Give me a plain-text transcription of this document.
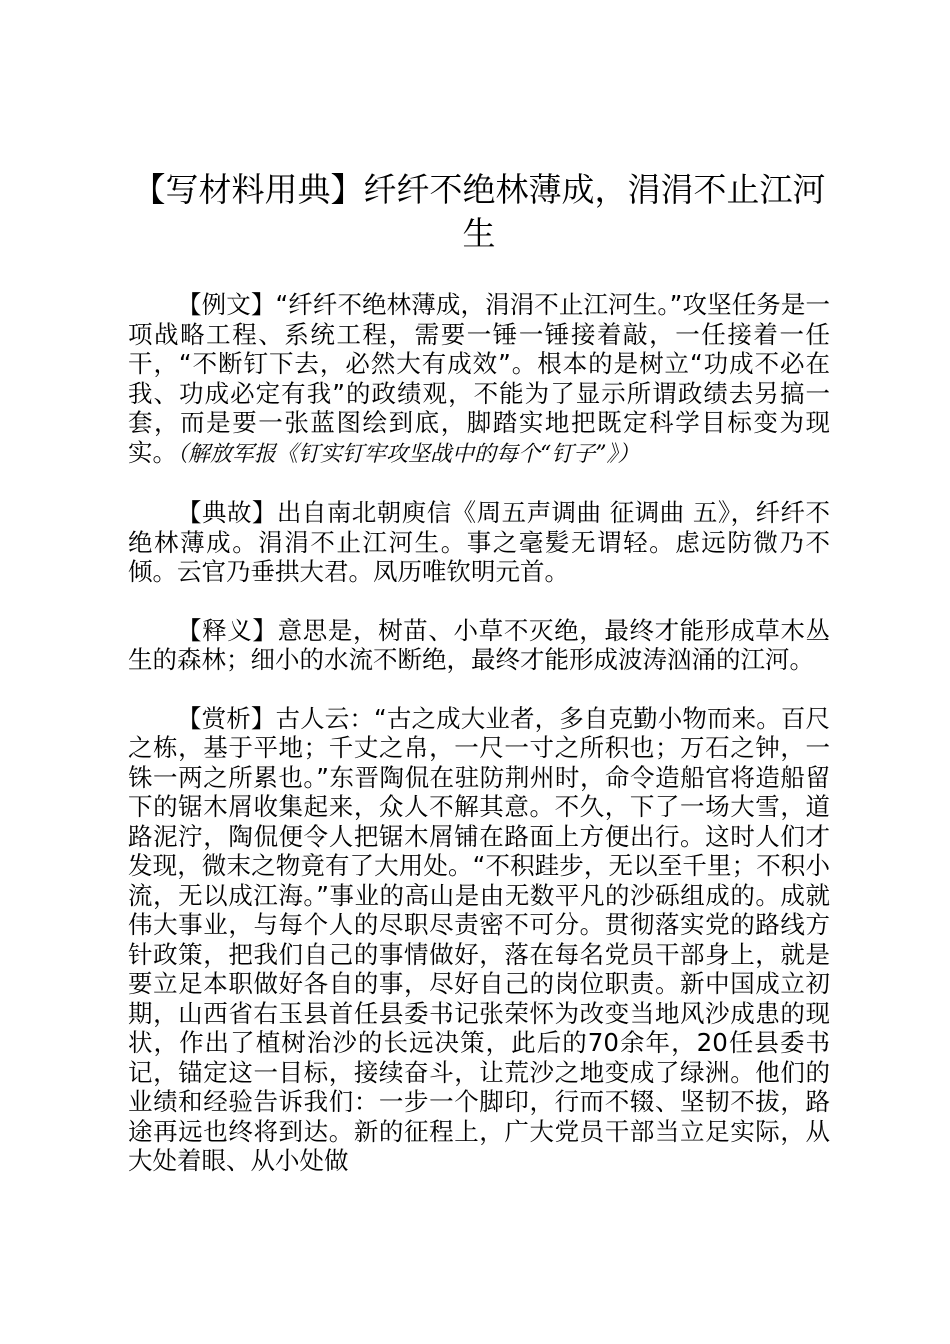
【写材料用典】纤纤不绝林薄成，涓涓不止江河生

【例文】“纤纤不绝林薄成，涓涓不止江河生。”攻坚任务是一项战略工程、系统工程，需要一锤一锤接着敲，一任接着一任干，“不断钉下去，必然大有成效”。根本的是树立“功成不必在我、功成必定有我”的政绩观，不能为了显示所谓政绩去另搞一套，而是要一张蓝图绘到底，脚踏实地把既定科学目标变为现实。（解放军报《钉实钉牢攻坚战中的每个“钉子”》）

【典故】出自南北朝庾信《周五声调曲 征调曲 五》，纤纤不绝林薄成。涓涓不止江河生。事之毫髪无谓轻。虑远防微乃不倾。云官乃垂拱大君。凤历唯钦明元首。

【释义】意思是，树苗、小草不灭绝，最终才能形成草木丛生的森林；细小的水流不断绝，最终才能形成波涛汹涌的江河。

【赏析】古人云：“古之成大业者，多自克勤小物而来。百尺之栋，基于平地；千丈之帛，一尺一寸之所积也；万石之钟，一铢一两之所累也。”东晋陶侃在驻防荆州时，命令造船官将造船留下的锯木屑收集起来，众人不解其意。不久，下了一场大雪，道路泥泞，陶侃便令人把锯木屑铺在路面上方便出行。这时人们才发现，微末之物竟有了大用处。“不积跬步，无以至千里；不积小流，无以成江海。”事业的高山是由无数平凡的沙砾组成的。成就伟大事业，与每个人的尽职尽责密不可分。贯彻落实党的路线方针政策，把我们自己的事情做好，落在每名党员干部身上，就是要立足本职做好各自的事，尽好自己的岗位职责。新中国成立初期，山西省右玉县首任县委书记张荣怀为改变当地风沙成患的现状，作出了植树治沙的长远决策，此后的70余年，20任县委书记，锚定这一目标，接续奋斗，让荒沙之地变成了绿洲。他们的业绩和经验告诉我们：一步一个脚印，行而不辍、坚韧不拔，路途再远也终将到达。新的征程上，广大党员干部当立足实际，从大处着眼、从小处做
